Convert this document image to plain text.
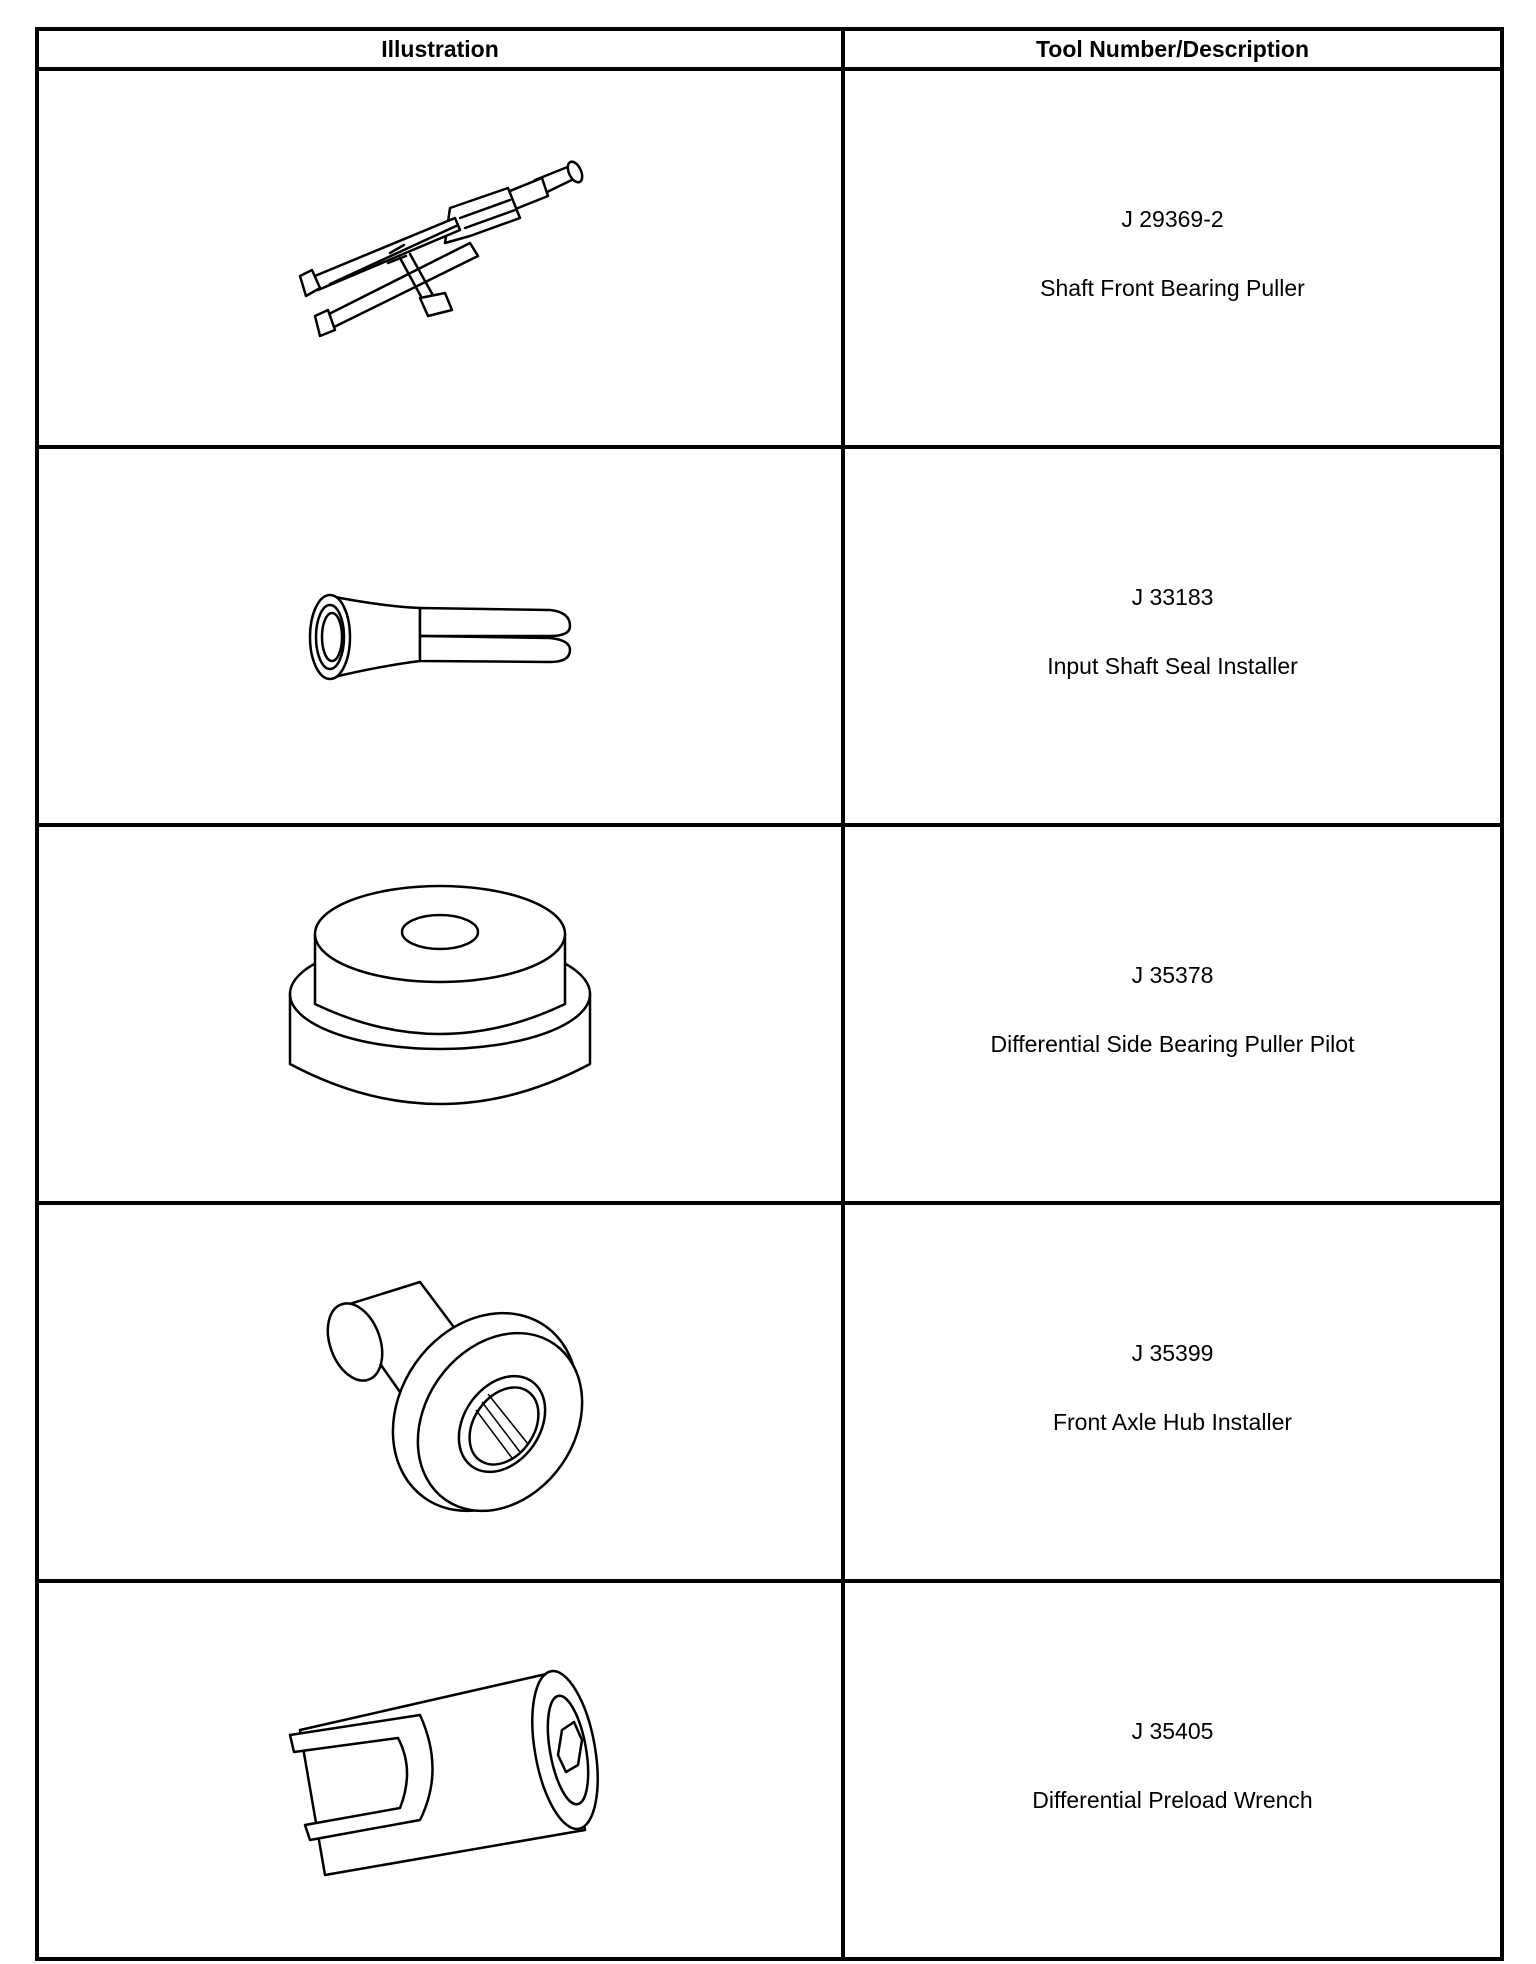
Illustration	Tool Number/Description

J 29369-2
Shaft Front Bearing Puller

J 33183
Input Shaft Seal Installer

J 35378
Differential Side Bearing Puller Pilot

J 35399
Front Axle Hub Installer

J 35405
Differential Preload Wrench
